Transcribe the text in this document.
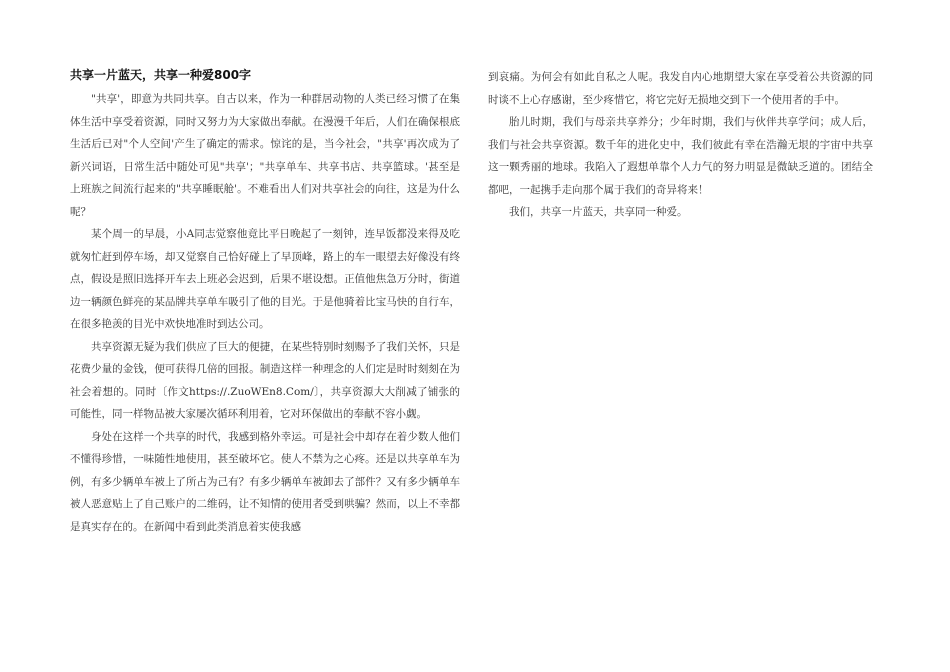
共享一片蓝天，共享一种爱800字

"共享'，即意为共同共享。自古以来，作为一种群居动物的人类已经习惯了在集体生活中享受着资源，同时又努力为大家做出奉献。在漫漫千年后，人们在确保根底生活后已对"个人空间'产生了确定的需求。惊诧的是，当今社会，"共享'再次成为了新兴词语，日常生活中随处可见"共享'；"共享单车、共享书店、共享篮球。'甚至是上班族之间流行起来的"共享睡眠舱'。不难看出人们对共享社会的向往，这是为什么呢？

某个周一的早晨，小A同志觉察他竟比平日晚起了一刻钟，连早饭都没来得及吃就匆忙赶到停车场，却又觉察自己恰好碰上了早顶峰，路上的车一眼望去好像没有终点，假设是照旧选择开车去上班必会迟到，后果不堪设想。正值他焦急万分时，街道边一辆颜色鲜亮的某品牌共享单车吸引了他的目光。于是他骑着比宝马快的自行车，在很多艳羡的目光中欢快地准时到达公司。

共享资源无疑为我们供应了巨大的便捷，在某些特别时刻赐予了我们关怀，只是花费少量的金钱，便可获得几倍的回报。制造这样一种理念的人们定是时时刻刻在为社会着想的。同时〔作文https://.ZuoWEn8.Com/〕，共享资源大大削减了铺张的可能性，同一样物品被大家屡次循环利用着，它对环保做出的奉献不容小觑。

身处在这样一个共享的时代，我感到格外幸运。可是社会中却存在着少数人他们不懂得珍惜，一味随性地使用，甚至破坏它。使人不禁为之心疼。还是以共享单车为例，有多少辆单车被上了所占为己有？有多少辆单车被卸去了部件？又有多少辆单车被人恶意贴上了自己账户的二维码，让不知情的使用者受到哄骗？然而，以上不幸都是真实存在的。在新闻中看到此类消息着实使我感

到哀痛。为何会有如此自私之人呢。我发自内心地期望大家在享受着公共资源的同时谈不上心存感谢，至少疼惜它，将它完好无损地交到下一个使用者的手中。

胎儿时期，我们与母亲共享养分；少年时期，我们与伙伴共享学问；成人后，我们与社会共享资源。数千年的进化史中，我们彼此有幸在浩瀚无垠的宇宙中共享这一颗秀丽的地球。我陷入了遐想单靠个人力气的努力明显是微缺乏道的。团结全都吧，一起携手走向那个属于我们的奇异将来！

我们，共享一片蓝天，共享同一种爱。
